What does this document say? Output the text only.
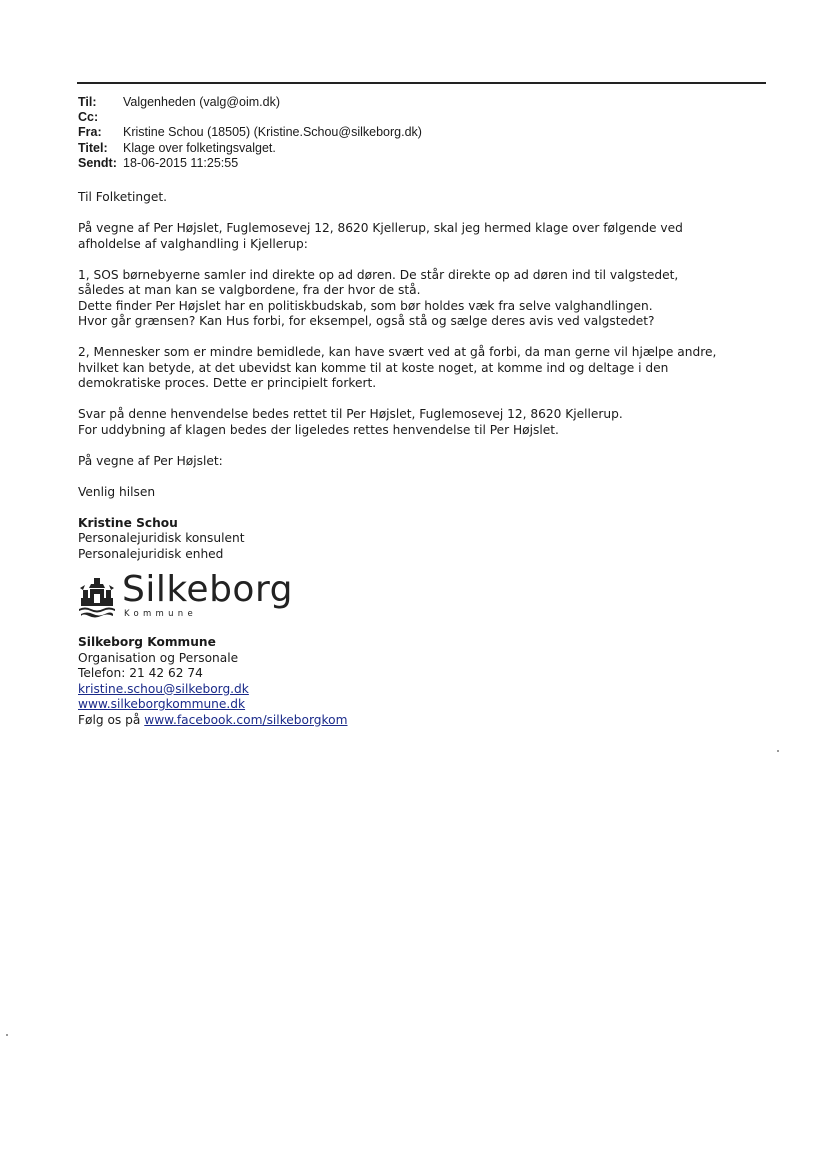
Til:	Valgenheden (valg@oim.dk)
Cc:
Fra:	Kristine Schou (18505) (Kristine.Schou@silkeborg.dk)
Titel:	Klage over folketingsvalget.
Sendt: 18-06-2015 11:25:55

Til Folketinget.

På vegne af Per Højslet, Fuglemosevej 12, 8620 Kjellerup, skal jeg hermed klage over følgende ved
afholdelse af valghandling i Kjellerup:

1, SOS børnebyerne samler ind direkte op ad døren. De står direkte op ad døren ind til valgstedet,
således at man kan se valgbordene, fra der hvor de stå.
Dette finder Per Højslet har en politiskbudskab, som bør holdes væk fra selve valghandlingen.
Hvor går grænsen? Kan Hus forbi, for eksempel, også stå og sælge deres avis ved valgstedet?

2, Mennesker som er mindre bemidlede, kan have svært ved at gå forbi, da man gerne vil hjælpe andre,
hvilket kan betyde, at det ubevidst kan komme til at koste noget, at komme ind og deltage i den
demokratiske proces. Dette er principielt forkert.

Svar på denne henvendelse bedes rettet til Per Højslet, Fuglemosevej 12, 8620 Kjellerup.
For uddybning af klagen bedes der ligeledes rettes henvendelse til Per Højslet.

På vegne af Per Højslet:

Venlig hilsen

Kristine Schou
Personalejuridisk konsulent
Personalejuridisk enhed

Silkeborg
Kommune
Silkeborg Kommune
Organisation og Personale
Telefon: 21 42 62 74
kristine.schou@silkeborg.dk
www.silkeborgkommune.dk
Følg os på www.facebook.com/silkeborgkom
